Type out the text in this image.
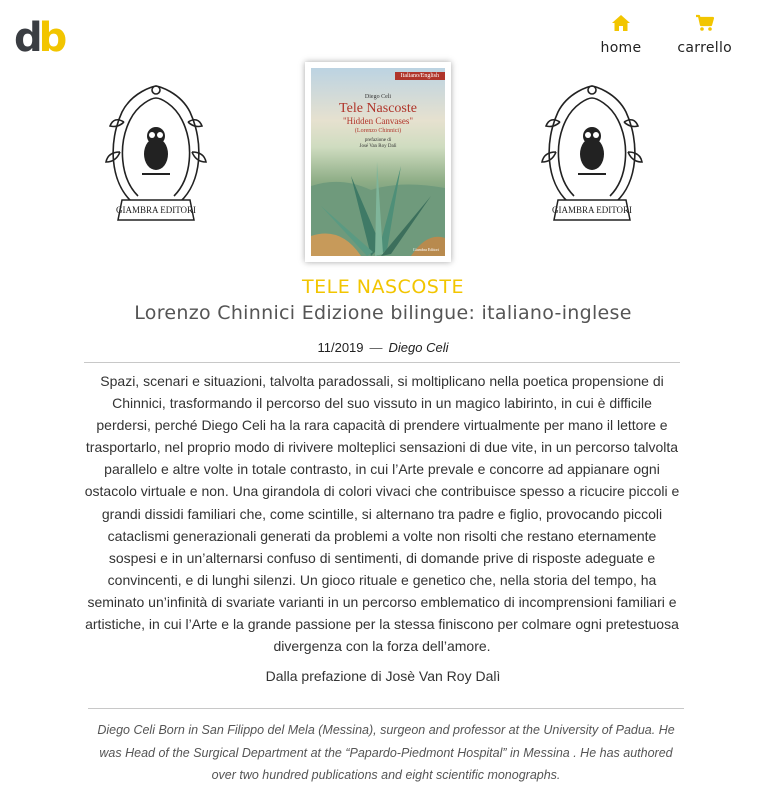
db	home	carrello
GIAMBRA EDITORI	GIAMBRA EDITORI
Italiano/English
Diego Celi
Tele Nascoste
"Hidden Canvases"
(Lorenzo Chinnici)
prefazione di
José Van Roy Dalì
Giambra Editori
TELE NASCOSTE
Lorenzo Chinnici Edizione bilingue: italiano-inglese
11/2019 — Diego Celi

Spazi, scenari e situazioni, talvolta paradossali, si moltiplicano nella poetica propensione di Chinnici, trasformando il percorso del suo vissuto in un magico labirinto, in cui è difficile perdersi, perché Diego Celi ha la rara capacità di prendere virtualmente per mano il lettore e trasportarlo, nel proprio modo di rivivere molteplici sensazioni di due vite, in un percorso talvolta parallelo e altre volte in totale contrasto, in cui l’Arte prevale e concorre ad appianare ogni ostacolo virtuale e non. Una girandola di colori vivaci che contribuisce spesso a ricucire piccoli e grandi dissidi familiari che, come scintille, si alternano tra padre e figlio, provocando piccoli cataclismi generazionali generati da problemi a volte non risolti che restano eternamente sospesi e in un’alternarsi confuso di sentimenti, di domande prive di risposte adeguate e convincenti, e di lunghi silenzi. Un gioco rituale e genetico che, nella storia del tempo, ha seminato un’infinità di svariate varianti in un percorso emblematico di incomprensioni familiari e artistiche, in cui l’Arte e la grande passione per la stessa finiscono per colmare ogni pretestuosa divergenza con la forza dell’amore.

Dalla prefazione di Josè Van Roy Dalì

Diego Celi Born in San Filippo del Mela (Messina), surgeon and professor at the University of Padua. He was Head of the Surgical Department at the “Papardo-Piedmont Hospital” in Messina . He has authored over two hundred publications and eight scientific monographs.
